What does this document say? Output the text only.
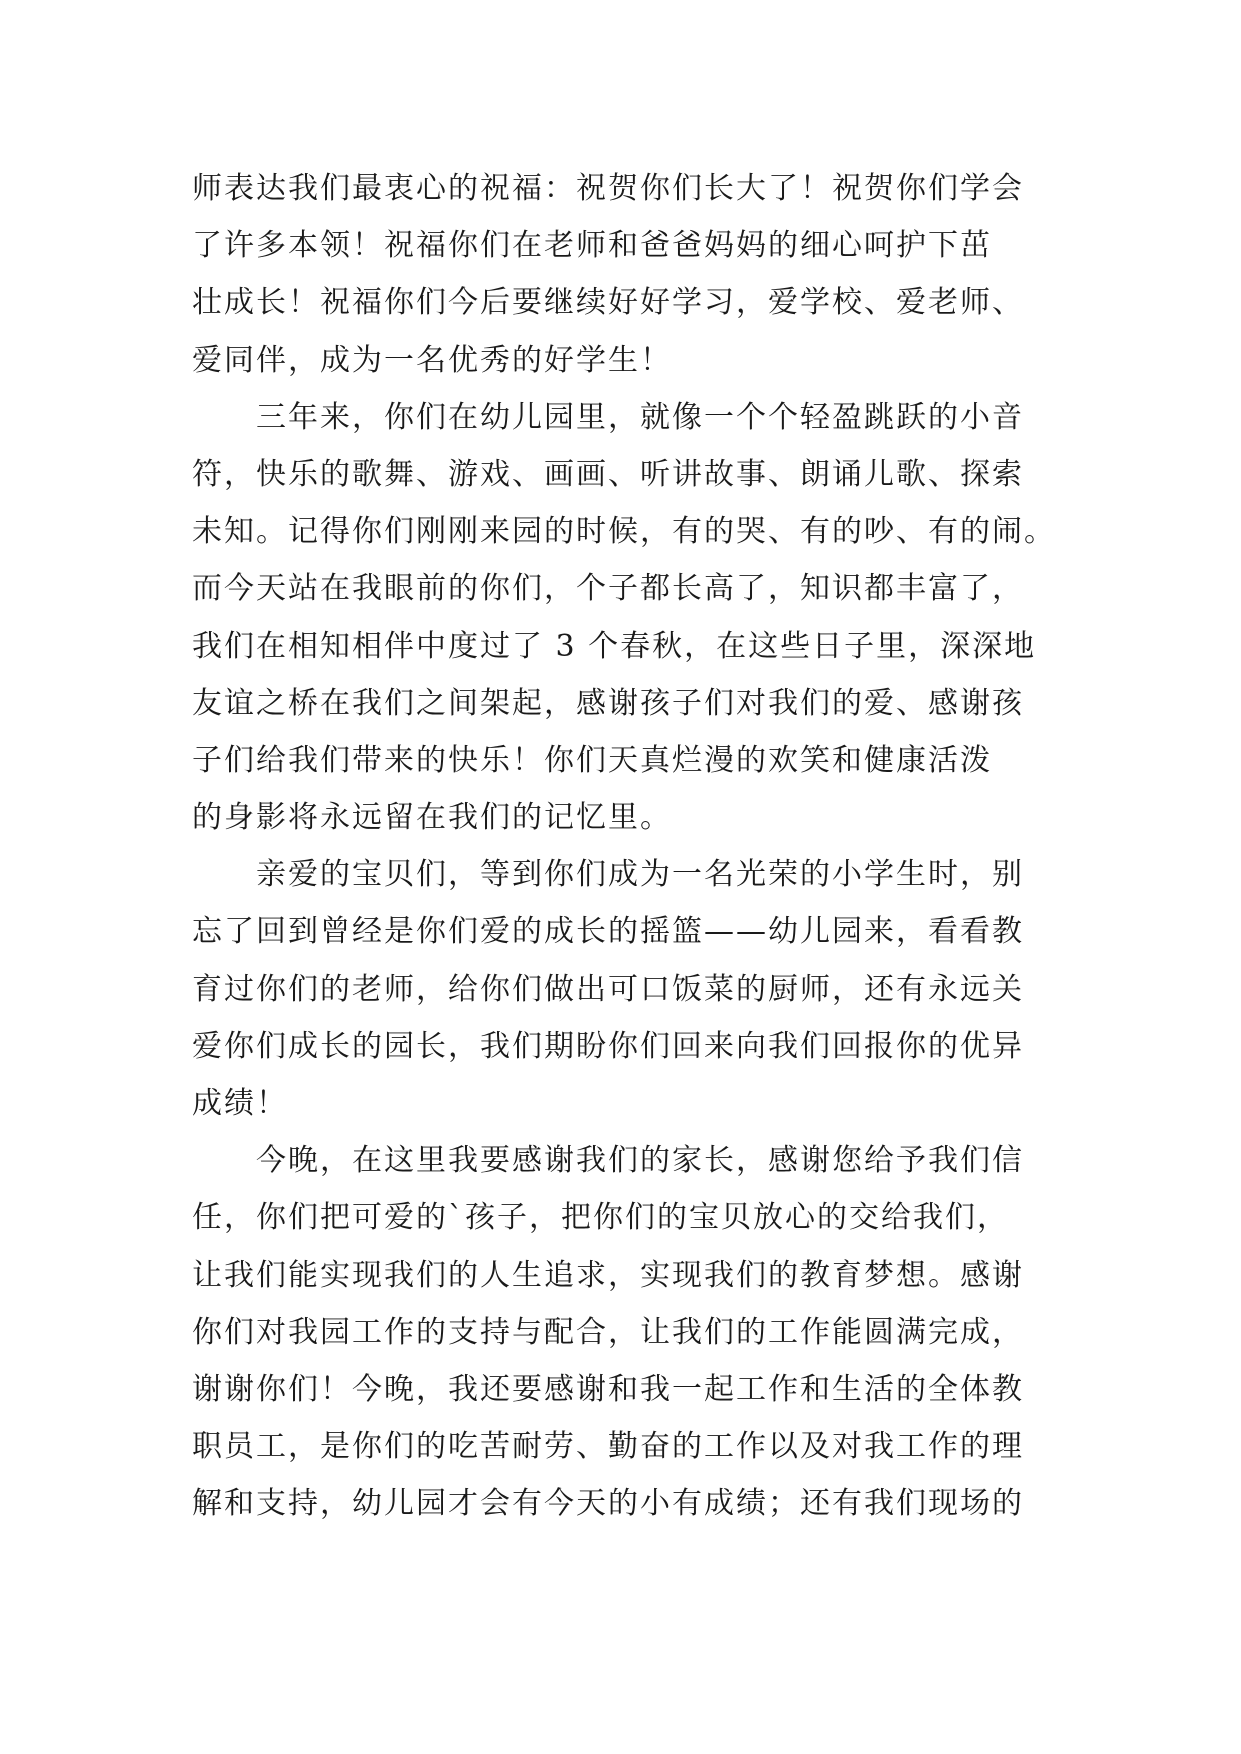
师表达我们最衷心的祝福：祝贺你们长大了！祝贺你们学会
了许多本领！祝福你们在老师和爸爸妈妈的细心呵护下茁
壮成长！祝福你们今后要继续好好学习，爱学校、爱老师、
爱同伴，成为一名优秀的好学生！
三年来，你们在幼儿园里，就像一个个轻盈跳跃的小音
符，快乐的歌舞、游戏、画画、听讲故事、朗诵儿歌、探索
未知。记得你们刚刚来园的时候，有的哭、有的吵、有的闹。
而今天站在我眼前的你们，个子都长高了，知识都丰富了，
我们在相知相伴中度过了 3 个春秋，在这些日子里，深深地
友谊之桥在我们之间架起，感谢孩子们对我们的爱、感谢孩
子们给我们带来的快乐！你们天真烂漫的欢笑和健康活泼
的身影将永远留在我们的记忆里。
亲爱的宝贝们，等到你们成为一名光荣的小学生时，别
忘了回到曾经是你们爱的成长的摇篮——幼儿园来，看看教
育过你们的老师，给你们做出可口饭菜的厨师，还有永远关
爱你们成长的园长，我们期盼你们回来向我们回报你的优异
成绩！
今晚，在这里我要感谢我们的家长，感谢您给予我们信
任，你们把可爱的`孩子，把你们的宝贝放心的交给我们，
让我们能实现我们的人生追求，实现我们的教育梦想。感谢
你们对我园工作的支持与配合，让我们的工作能圆满完成，
谢谢你们！今晚，我还要感谢和我一起工作和生活的全体教
职员工，是你们的吃苦耐劳、勤奋的工作以及对我工作的理
解和支持，幼儿园才会有今天的小有成绩；还有我们现场的
